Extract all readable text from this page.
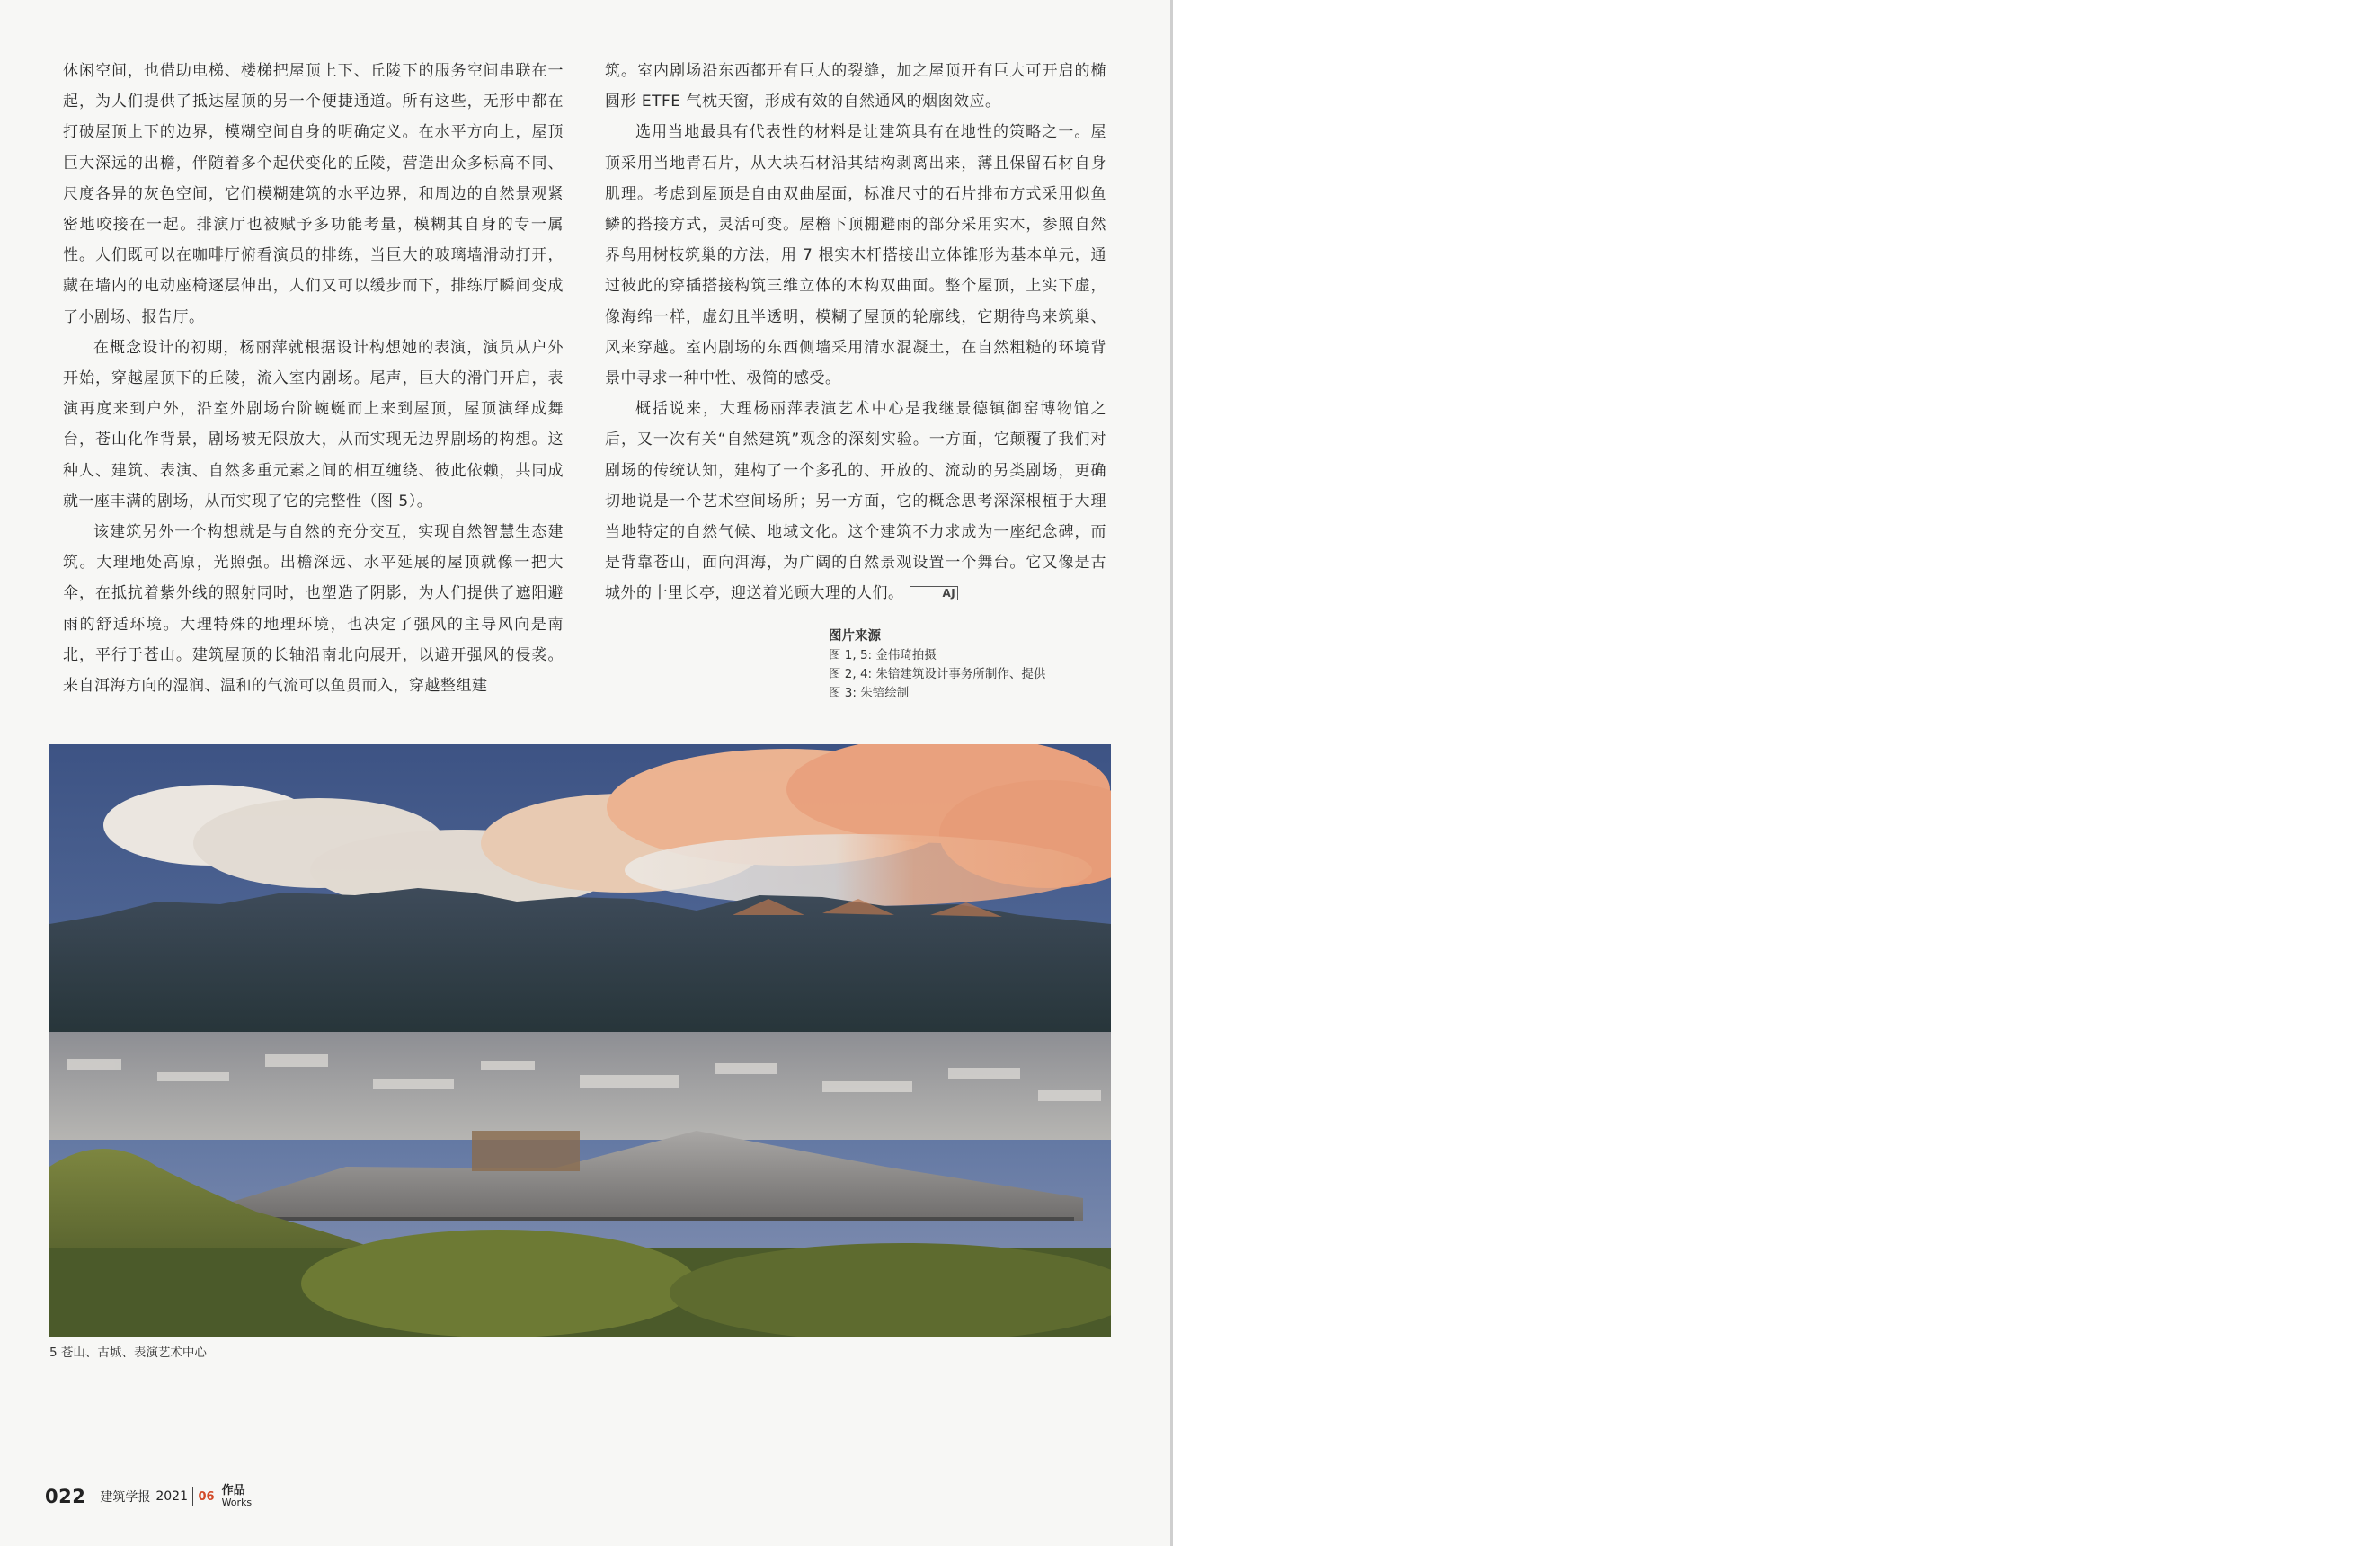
休闲空间，也借助电梯、楼梯把屋顶上下、丘陵下的服务空间串联在一起，为人们提供了抵达屋顶的另一个便捷通道。所有这些，无形中都在打破屋顶上下的边界，模糊空间自身的明确定义。在水平方向上，屋顶巨大深远的出檐，伴随着多个起伏变化的丘陵，营造出众多标高不同、尺度各异的灰色空间，它们模糊建筑的水平边界，和周边的自然景观紧密地咬接在一起。排演厅也被赋予多功能考量，模糊其自身的专一属性。人们既可以在咖啡厅俯看演员的排练，当巨大的玻璃墙滑动打开，藏在墙内的电动座椅逐层伸出，人们又可以缓步而下，排练厅瞬间变成了小剧场、报告厅。

在概念设计的初期，杨丽萍就根据设计构想她的表演，演员从户外开始，穿越屋顶下的丘陵，流入室内剧场。尾声，巨大的滑门开启，表演再度来到户外，沿室外剧场台阶蜿蜒而上来到屋顶，屋顶演绎成舞台，苍山化作背景，剧场被无限放大，从而实现无边界剧场的构想。这种人、建筑、表演、自然多重元素之间的相互缠绕、彼此依赖，共同成就一座丰满的剧场，从而实现了它的完整性（图 5）。

该建筑另外一个构想就是与自然的充分交互，实现自然智慧生态建筑。大理地处高原，光照强。出檐深远、水平延展的屋顶就像一把大伞，在抵抗着紫外线的照射同时，也塑造了阴影，为人们提供了遮阳避雨的舒适环境。大理特殊的地理环境，也决定了强风的主导风向是南北，平行于苍山。建筑屋顶的长轴沿南北向展开，以避开强风的侵袭。来自洱海方向的湿润、温和的气流可以鱼贯而入，穿越整组建

筑。室内剧场沿东西都开有巨大的裂缝，加之屋顶开有巨大可开启的椭圆形 ETFE 气枕天窗，形成有效的自然通风的烟囱效应。

选用当地最具有代表性的材料是让建筑具有在地性的策略之一。屋顶采用当地青石片，从大块石材沿其结构剥离出来，薄且保留石材自身肌理。考虑到屋顶是自由双曲屋面，标准尺寸的石片排布方式采用似鱼鳞的搭接方式，灵活可变。屋檐下顶棚避雨的部分采用实木，参照自然界鸟用树枝筑巢的方法，用 7 根实木杆搭接出立体锥形为基本单元，通过彼此的穿插搭接构筑三维立体的木构双曲面。整个屋顶，上实下虚，像海绵一样，虚幻且半透明，模糊了屋顶的轮廓线，它期待鸟来筑巢、风来穿越。室内剧场的东西侧墙采用清水混凝土，在自然粗糙的环境背景中寻求一种中性、极简的感受。

概括说来，大理杨丽萍表演艺术中心是我继景德镇御窑博物馆之后，又一次有关“自然建筑”观念的深刻实验。一方面，它颠覆了我们对剧场的传统认知，建构了一个多孔的、开放的、流动的另类剧场，更确切地说是一个艺术空间场所；另一方面，它的概念思考深深根植于大理当地特定的自然气候、地域文化。这个建筑不力求成为一座纪念碑，而是背靠苍山，面向洱海，为广阔的自然景观设置一个舞台。它又像是古城外的十里长亭，迎送着光顾大理的人们。	AJ

图片来源
图 1, 5: 金伟琦拍摄
图 2, 4: 朱锫建筑设计事务所制作、提供
图 3: 朱锫绘制
5 苍山、古城、表演艺术中心
022 建筑学报 2021 06 作品
Works
